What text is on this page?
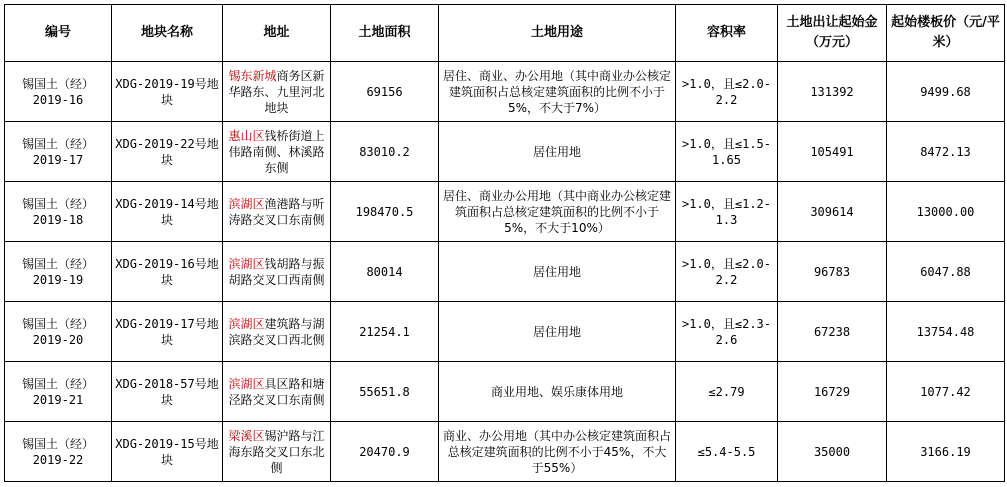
编号	地块名称	地址	土地面积	土地用途	容积率	土地出让起始金（万元）	起始楼板价（元/平米）
锡国土（经）2019-16	XDG-2019-19号地块	锡东新城商务区新华路东、九里河北地块	69156	居住、商业、办公用地（其中商业办公核定建筑面积占总核定建筑面积的比例不小于5%，不大于7%）	>1.0，且≤2.0-2.2	131392	9499.68
锡国土（经）2019-17	XDG-2019-22号地块	惠山区钱桥街道上伟路南侧、林溪路东侧	83010.2	居住用地	>1.0，且≤1.5-1.65	105491	8472.13
锡国土（经）2019-18	XDG-2019-14号地块	滨湖区渔港路与听涛路交叉口东南侧	198470.5	居住、商业办公用地（其中商业办公核定建筑面积占总核定建筑面积的比例不小于5%，不大于10%）	>1.0，且≤1.2-1.3	309614	13000.00
锡国土（经）2019-19	XDG-2019-16号地块	滨湖区钱胡路与振胡路交叉口西南侧	80014	居住用地	>1.0，且≤2.0-2.2	96783	6047.88
锡国土（经）2019-20	XDG-2019-17号地块	滨湖区建筑路与湖滨路交叉口西北侧	21254.1	居住用地	>1.0，且≤2.3-2.6	67238	13754.48
锡国土（经）2019-21	XDG-2018-57号地块	滨湖区具区路和塘泾路交叉口东南侧	55651.8	商业用地、娱乐康体用地	≤2.79	16729	1077.42
锡国土（经）2019-22	XDG-2019-15号地块	梁溪区锡沪路与江海东路交叉口东北侧	20470.9	商业、办公用地（其中办公核定建筑面积占总核定建筑面积的比例不小于45%，不大于55%）	≤5.4-5.5	35000	3166.19
